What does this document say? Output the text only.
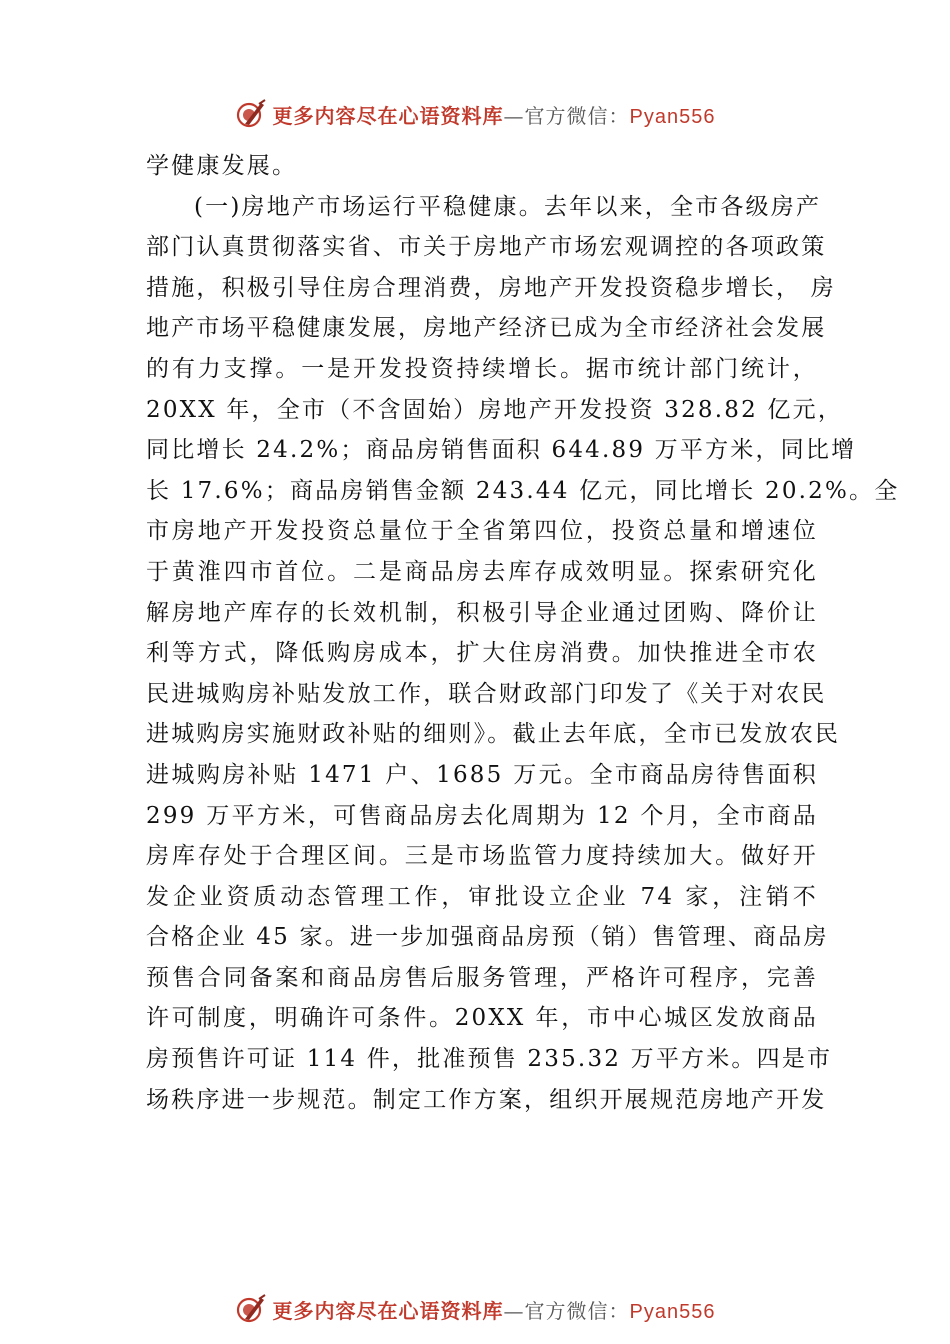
更多内容尽在心语资料库—官方微信：Pyan556
学健康发展。
(一)房地产市场运行平稳健康。去年以来，全市各级房产
部门认真贯彻落实省、市关于房地产市场宏观调控的各项政策
措施，积极引导住房合理消费，房地产开发投资稳步增长， 房
地产市场平稳健康发展，房地产经济已成为全市经济社会发展
的有力支撑。一是开发投资持续增长。据市统计部门统计，
20XX 年，全市（不含固始）房地产开发投资 328.82 亿元，
同比增长 24.2%；商品房销售面积 644.89 万平方米，同比增
长 17.6%；商品房销售金额 243.44 亿元，同比增长 20.2%。全
市房地产开发投资总量位于全省第四位，投资总量和增速位
于黄淮四市首位。二是商品房去库存成效明显。探索研究化
解房地产库存的长效机制，积极引导企业通过团购、降价让
利等方式，降低购房成本，扩大住房消费。加快推进全市农
民进城购房补贴发放工作，联合财政部门印发了《关于对农民
进城购房实施财政补贴的细则》。截止去年底，全市已发放农民
进城购房补贴 1471 户、1685 万元。全市商品房待售面积
299 万平方米，可售商品房去化周期为 12 个月，全市商品
房库存处于合理区间。三是市场监管力度持续加大。做好开
发企业资质动态管理工作，审批设立企业 74 家，注销不
合格企业 45 家。进一步加强商品房预（销）售管理、商品房
预售合同备案和商品房售后服务管理，严格许可程序，完善
许可制度，明确许可条件。20XX 年，市中心城区发放商品
房预售许可证 114 件，批准预售 235.32 万平方米。四是市
场秩序进一步规范。制定工作方案，组织开展规范房地产开发
更多内容尽在心语资料库—官方微信：Pyan556
